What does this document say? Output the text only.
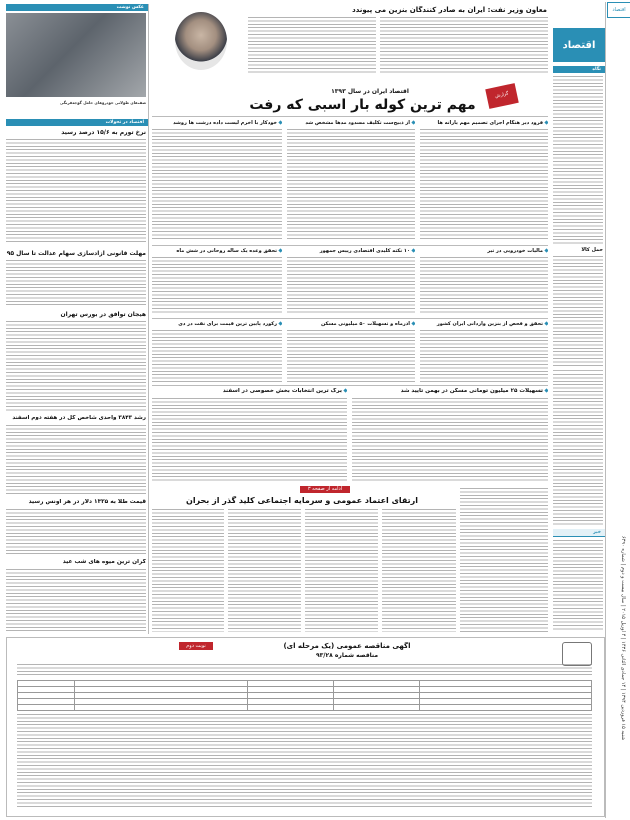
اقتصاد
شنبه ۱۵ فروردین ۱۳۹۴ | ۱۴ جمادی الثانی ۱۴۳۶ | ۴ آوریل ۲۰۱۵ | سال بیست و دوم | شماره ۶۳۹۰
اقتصاد
نگاه
حمل کالا
خبر
معاون وزیر نفت: ایران به صادر کنندگان بنزین می پیوندد
عکس نوشت
صف‌های طولانی خودروهای حامل گوجه‌فرنگی
اقتصاد در تحولات
نرخ تورم به ۱۵/۶ درصد رسید
مهلت قانونی آزادسازی سهام عدالت تا سال ۹۵
هیجان توافق در بورس تهران
رشد ۳۸۴۳ واحدی شاخص کل در هفته دوم اسفند
قیمت طلا به ۱۳۲۵ دلار در هر اونس رسید
گران ترین میوه های شب عید
اقتصاد ایران در سال ۱۳۹۳
مهم ترین کوله بار اسبی که رفت
گزارش
فرود دیر هنگام اجرای تصمیم مهم یارانه ها
از ذبیح‌ست تکلیف مسدود مدها مشخص شد
خودکار با اخرم لیست داده درشت ها روشد
مالیات خودرویی در تیر
۱۰ نکته کلیدی اقتصادی رییس جمهور
تحقق وعده یک ساله روحانی در شش ماه
تحقق و فحص از بنزین واردانی ایران کشور
آذرماه و تسهیلات ۵۰ میلیونی مسکن
رکورد پایین ترین قیمت برای نفت در دی
تسهیلات ۲۵ میلیون تومانی مسکن در بهمن تایید شد
برگ ترین انتخابات بخش خصوصی در اسفند
ادامه از صفحه ۳
ارتقای اعتماد عمومی و سرمایه اجتماعی کلید گذر از بحران
آگهی مناقصه عمومی (یک مرحله ای)
مناقصه شماره ۹۳/۲۸
نوبت دوم
